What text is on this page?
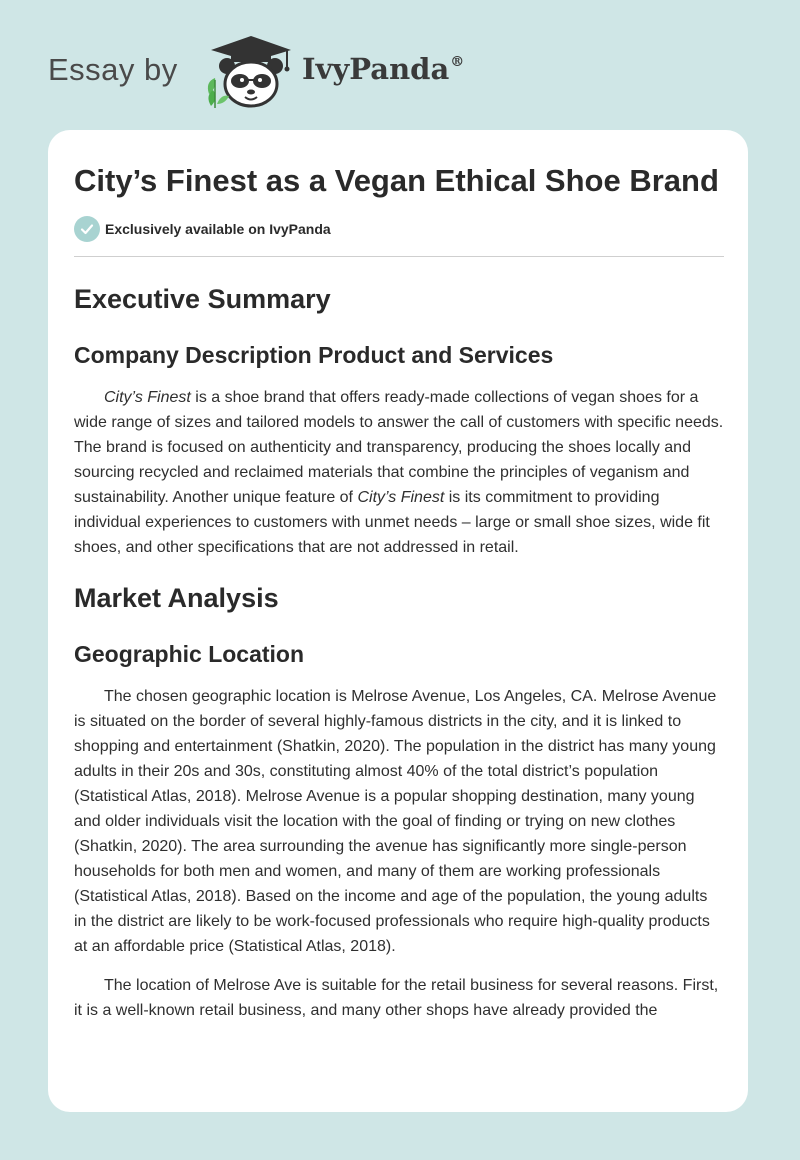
Essay by	IvyPanda®
City’s Finest as a Vegan Ethical Shoe Brand
Exclusively available on IvyPanda
Executive Summary
Company Description Product and Services

City’s Finest is a shoe brand that offers ready-made collections of vegan shoes for a wide range of sizes and tailored models to answer the call of customers with specific needs. The brand is focused on authenticity and transparency, producing the shoes locally and sourcing recycled and reclaimed materials that combine the principles of veganism and sustainability. Another unique feature of City’s Finest is its commitment to providing individual experiences to customers with unmet needs – large or small shoe sizes, wide fit shoes, and other specifications that are not addressed in retail.

Market Analysis
Geographic Location

The chosen geographic location is Melrose Avenue, Los Angeles, CA. Melrose Avenue is situated on the border of several highly-famous districts in the city, and it is linked to shopping and entertainment (Shatkin, 2020). The population in the district has many young adults in their 20s and 30s, constituting almost 40% of the total district’s population (Statistical Atlas, 2018). Melrose Avenue is a popular shopping destination, many young and older individuals visit the location with the goal of finding or trying on new clothes (Shatkin, 2020). The area surrounding the avenue has significantly more single-person households for both men and women, and many of them are working professionals (Statistical Atlas, 2018). Based on the income and age of the population, the young adults in the district are likely to be work-focused professionals who require high-quality products at an affordable price (Statistical Atlas, 2018).

The location of Melrose Ave is suitable for the retail business for several reasons. First, it is a well-known retail business, and many other shops have already provided the
